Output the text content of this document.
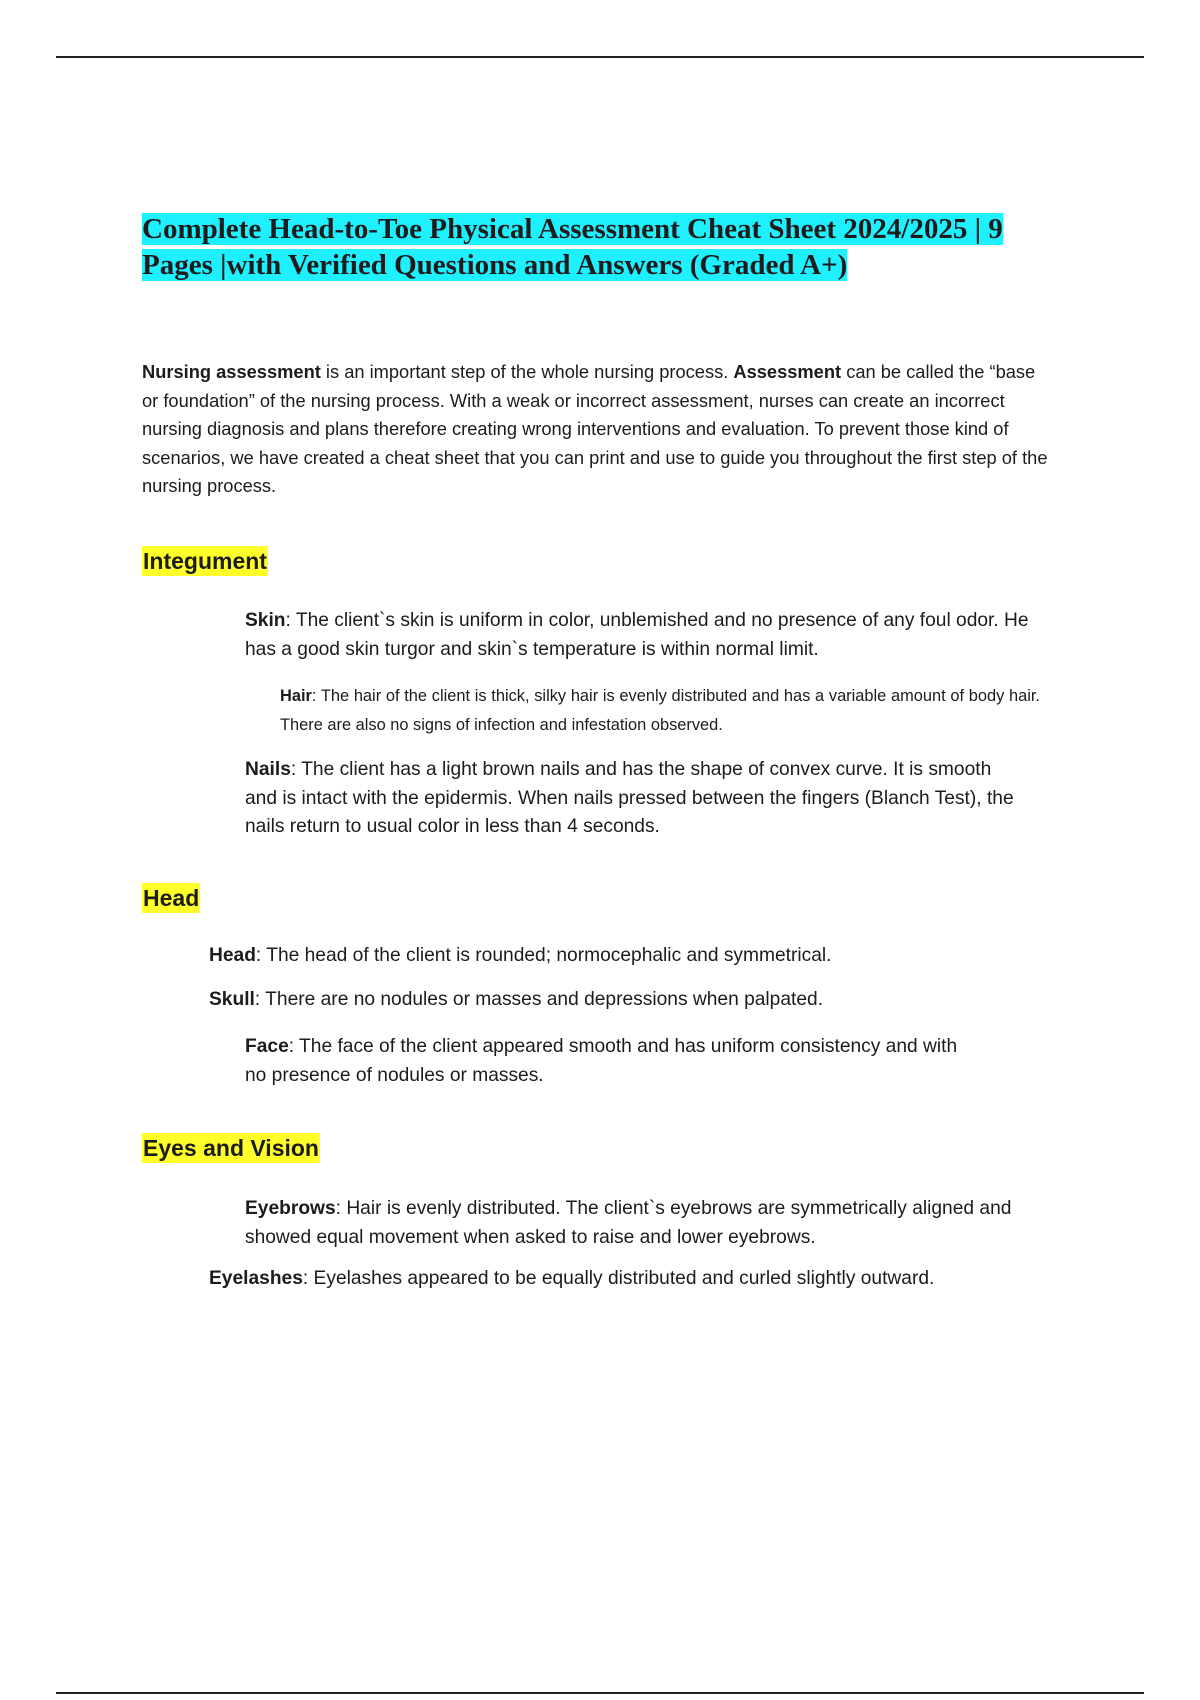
Complete Head-to-Toe Physical Assessment Cheat Sheet 2024/2025 | 9 Pages |with Verified Questions and Answers (Graded A+)

Nursing assessment is an important step of the whole nursing process. Assessment can be called the “base or foundation” of the nursing process. With a weak or incorrect assessment, nurses can create an incorrect nursing diagnosis and plans therefore creating wrong interventions and evaluation. To prevent those kind of scenarios, we have created a cheat sheet that you can print and use to guide you throughout the first step of the nursing process.

Integument

Skin: The client`s skin is uniform in color, unblemished and no presence of any foul odor. He has a good skin turgor and skin`s temperature is within normal limit.

Hair: The hair of the client is thick, silky hair is evenly distributed and has a variable amount of body hair. There are also no signs of infection and infestation observed.

Nails: The client has a light brown nails and has the shape of convex curve. It is smooth and is intact with the epidermis. When nails pressed between the fingers (Blanch Test), the nails return to usual color in less than 4 seconds.

Head

Head: The head of the client is rounded; normocephalic and symmetrical.

Skull: There are no nodules or masses and depressions when palpated.

Face: The face of the client appeared smooth and has uniform consistency and with no presence of nodules or masses.

Eyes and Vision

Eyebrows: Hair is evenly distributed. The client`s eyebrows are symmetrically aligned and showed equal movement when asked to raise and lower eyebrows.

Eyelashes: Eyelashes appeared to be equally distributed and curled slightly outward.
